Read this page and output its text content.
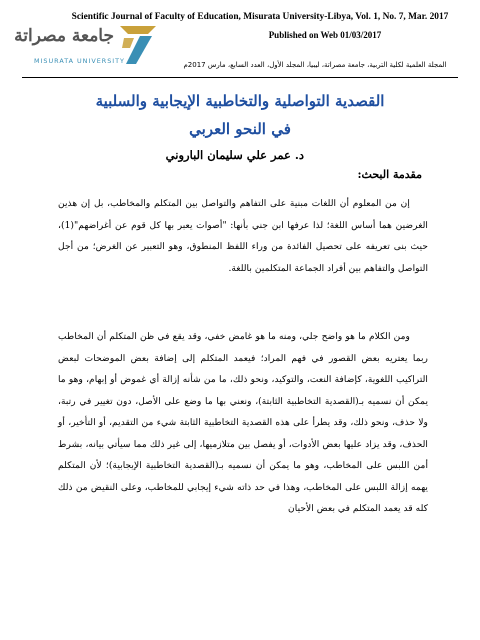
Scientific Journal of Faculty of Education, Misurata University-Libya, Vol. 1, No. 7, Mar. 2017
Published on Web 01/03/2017
المجلة العلمية لكلية التربية، جامعة مصراتة، ليبيا، المجلد الأول، العدد السابع، مارس 2017م
جامعة مصراتة
MISURATA UNIVERSITY
القصدية التواصلية والتخاطبية الإيجابية والسلبية
في النحو العربي
د. عمر علي سليمان الباروني
مقدمة البحث:

إن من المعلوم أن اللغات مبنية على التفاهم والتواصل بين المتكلم والمخاطب، بل إن هذين الغرضين هما أساس اللغة؛ لذا عرفها ابن جني بأنها: "أصوات يعبر بها كل قوم عن أغراضهم"(1)، حيث بنى تعريفه على تحصيل الفائدة من وراء اللفظ المنطوق، وهو التعبير عن الغرض؛ من أجل التواصل والتفاهم بين أفراد الجماعة المتكلمين باللغة.

ومن الكلام ما هو واضح جلي، ومنه ما هو غامض خفي، وقد يقع في ظن المتكلم أن المخاطب ربما يعتريه بعض القصور في فهم المراد؛ فيعمد المتكلم إلى إضافة بعض الموضحات لبعض التراكيب اللغوية، كإضافة النعت، والتوكيد، ونحو ذلك، ما من شأنه إزالة أي غموض أو إبهام، وهو ما يمكن أن نسميه بـ(القصدية التخاطبية الثابتة)، ونعني بها ما وضع على الأصل، دون تغيير في رتبة، ولا حذف، ونحو ذلك، وقد يطرأ على هذه القصدية التخاطبية الثابتة شيء من التقديم، أو التأخير، أو الحذف، وقد يزاد عليها بعض الأدوات، أو يفصل بين متلازميها، إلى غير ذلك مما سيأتي بيانه، بشرط أمن اللبس على المخاطب، وهو ما يمكن أن نسميه بـ(القصدية التخاطبية الإيجابية)؛ لأن المتكلم يهمه إزالة اللبس على المخاطب، وهذا في حد ذاته شيء إيجابي للمخاطب، وعلى النقيض من ذلك كله قد يعمد المتكلم في بعض الأحيان
